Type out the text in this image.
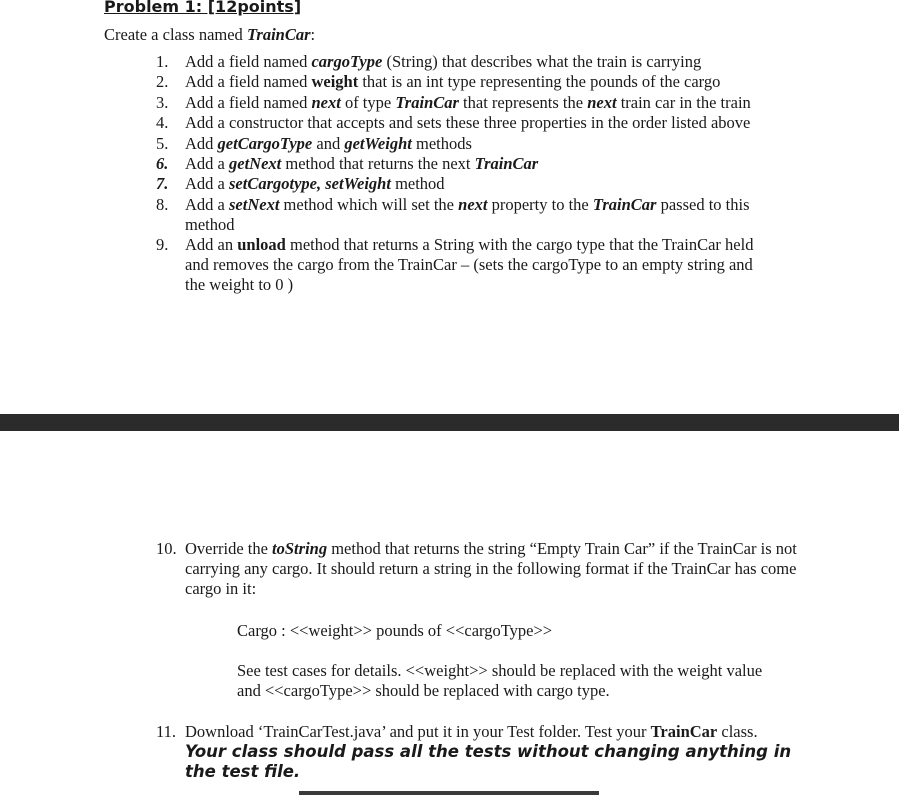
Problem 1: [12points]
Create a class named TrainCar:
1.	Add a field named cargoType (String) that describes what the train is carrying
2.	Add a field named weight that is an int type representing the pounds of the cargo
3.	Add a field named next of type TrainCar that represents the next train car in the train
4.	Add a constructor that accepts and sets these three properties in the order listed above
5.	Add getCargoType and getWeight methods
6.	Add a getNext method that returns the next TrainCar
7.	Add a setCargotype, setWeight method
8.	Add a setNext method which will set the next property to the TrainCar passed to this method
9.	Add an unload method that returns a String with the cargo type that the TrainCar held and removes the cargo from the TrainCar – (sets the cargoType to an empty string and the weight to 0 )
10. Override the toString method that returns the string “Empty Train Car” if the TrainCar is not carrying any cargo. It should return a string in the following format if the TrainCar has come cargo in it:
Cargo : <<weight>> pounds of <<cargoType>>
See test cases for details. <<weight>> should be replaced with the weight value and <<cargoType>> should be replaced with cargo type.
11. Download ‘TrainCarTest.java’ and put it in your Test folder. Test your TrainCar class. Your class should pass all the tests without changing anything in the test file.
